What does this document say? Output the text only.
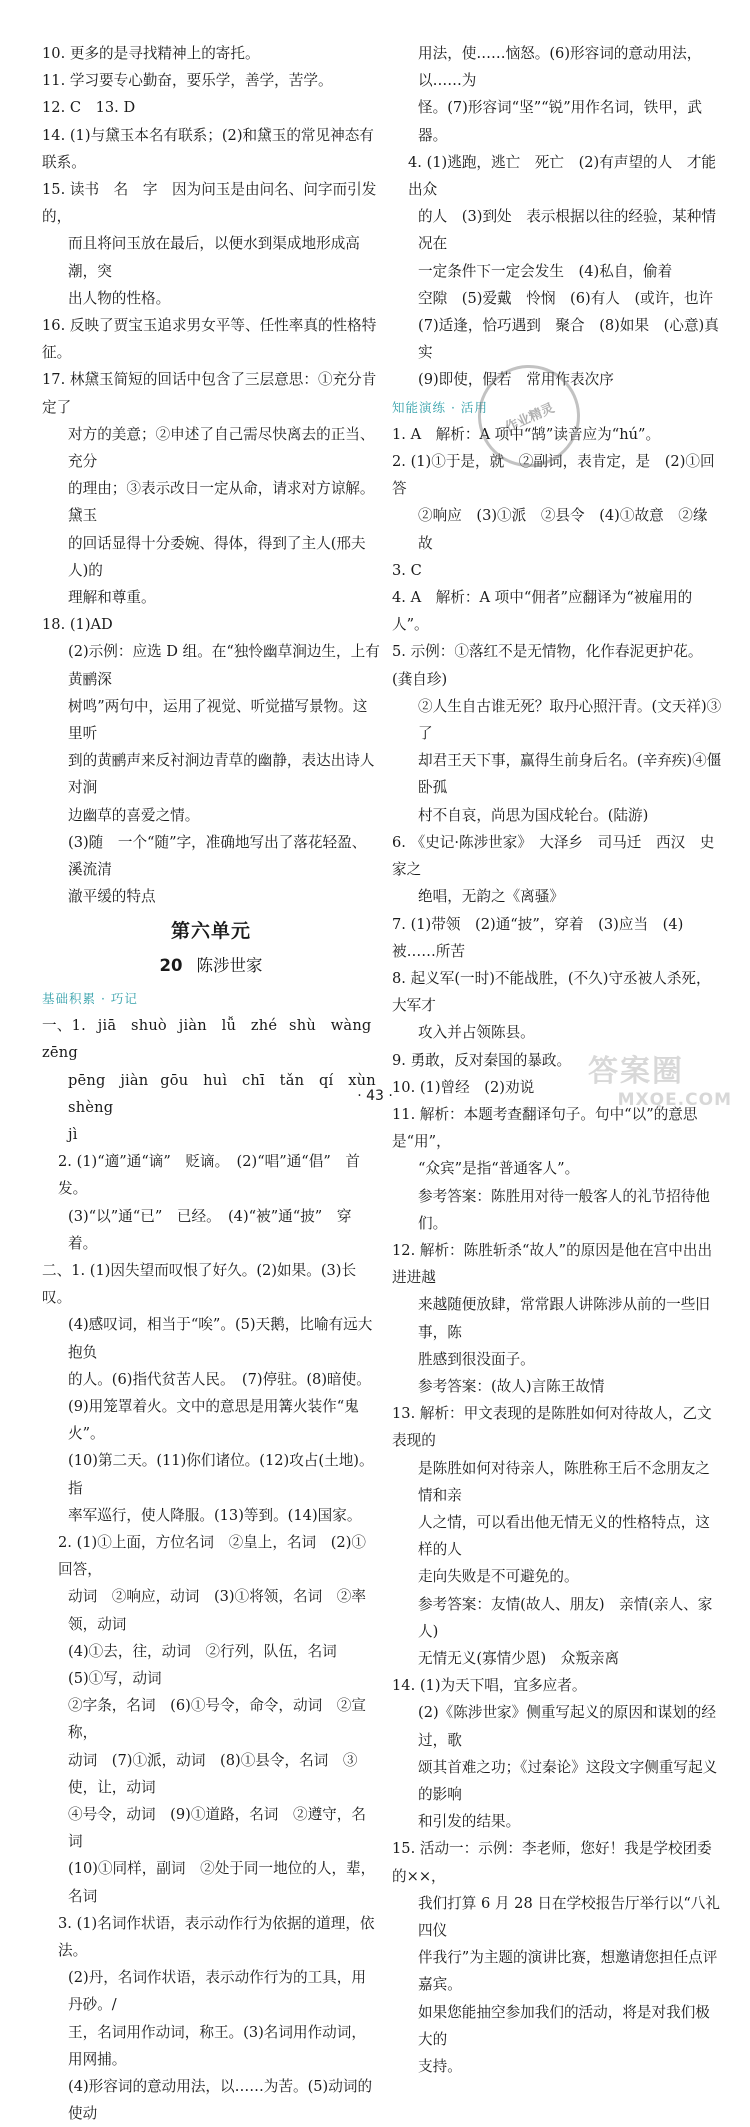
10. 更多的是寻找精神上的寄托。

11. 学习要专心勤奋，要乐学，善学，苦学。

12. C　13. D

14. (1)与黛玉本名有联系；(2)和黛玉的常见神态有联系。

15. 读书　名　字　因为问玉是由问名、问字而引发的，

而且将问玉放在最后，以便水到渠成地形成高潮，突

出人物的性格。

16. 反映了贾宝玉追求男女平等、任性率真的性格特征。

17. 林黛玉简短的回话中包含了三层意思：①充分肯定了

对方的美意；②申述了自己需尽快离去的正当、充分

的理由；③表示改日一定从命，请求对方谅解。黛玉

的回话显得十分委婉、得体，得到了主人(邢夫人)的

理解和尊重。

18. (1)AD

(2)示例：应选 D 组。在“独怜幽草涧边生，上有黄鹂深

树鸣”两句中，运用了视觉、听觉描写景物。这里听

到的黄鹂声来反衬涧边青草的幽静，表达出诗人对涧

边幽草的喜爱之情。

(3)随　一个“随”字，准确地写出了落花轻盈、溪流清

澈平缓的特点

第六单元

20 陈涉世家

基础积累 · 巧记

一、1. jiā　shuò jiàn　lǚ　zhé shù　wàng　zēng

pēng　jiàn gōu　huì　chī　tǎn　qí　xùn　shèng

jì

2. (1)“適”通“谪”　贬谪。　(2)“唱”通“倡”　首发。

(3)“以”通“已”　已经。　(4)“被”通“披”　穿着。

二、1. (1)因失望而叹恨了好久。(2)如果。(3)长叹。

(4)感叹词，相当于“唉”。(5)天鹅，比喻有远大抱负

的人。(6)指代贫苦人民。　(7)停驻。(8)暗使。

(9)用笼罩着火。文中的意思是用篝火装作“鬼火”。

(10)第二天。(11)你们诸位。(12)攻占(土地)。指

率军巡行，使人降服。(13)等到。(14)国家。

2. (1)①上面，方位名词　②皇上，名词　(2)①回答，

动词　②响应，动词　(3)①将领，名词　②率领，动词

(4)①去，往，动词　②行列，队伍，名词　(5)①写，动词

②字条，名词　(6)①号令，命令，动词　②宣称，

动词　(7)①派，动词　(8)①县令，名词　③使，让，动词

④号令，动词　(9)①道路，名词　②遵守，名词

(10)①同样，副词　②处于同一地位的人，辈，名词

3. (1)名词作状语，表示动作行为依据的道理，依法。

(2)丹，名词作状语，表示动作行为的工具，用丹砂。/

王，名词用作动词，称王。(3)名词用作动词，用网捕。

(4)形容词的意动用法，以……为苦。(5)动词的使动

用法，使……恼怒。(6)形容词的意动用法，以……为

怪。(7)形容词“坚”“锐”用作名词，铁甲，武器。

4. (1)逃跑，逃亡　死亡　(2)有声望的人　才能出众

的人　(3)到处　表示根据以往的经验，某种情况在

一定条件下一定会发生　(4)私自，偷着

空隙　(5)爱戴　怜悯　(6)有人　(或许，也许

(7)适逢，恰巧遇到　聚合　(8)如果　(心意)真实

(9)即使，假若　常用作表次序

知能演练 · 活用

1. A　解析：A 项中“鹄”读音应为“hú”。

2. (1)①于是，就　②副词，表肯定，是　(2)①回答

②响应　(3)①派　②县令　(4)①故意　②缘故

3. C

4. A　解析：A 项中“佣者”应翻译为“被雇用的人”。

5. 示例：①落红不是无情物，化作春泥更护花。(龚自珍)

②人生自古谁无死？取丹心照汗青。(文天祥)③了

却君王天下事，赢得生前身后名。(辛弃疾)④僵卧孤

村不自哀，尚思为国戍轮台。(陆游)

6. 《史记·陈涉世家》　大泽乡　司马迁　西汉　史家之

绝唱，无韵之《离骚》

7. (1)带领　(2)通“披”，穿着　(3)应当　(4)被……所苦

8. 起义军(一时)不能战胜，(不久)守丞被人杀死，大军才

攻入并占领陈县。

9. 勇敢，反对秦国的暴政。

10. (1)曾经　(2)劝说

11. 解析：本题考查翻译句子。句中“以”的意思是“用”，

“众宾”是指“普通客人”。

参考答案：陈胜用对待一般客人的礼节招待他们。

12. 解析：陈胜斩杀“故人”的原因是他在宫中出出进进越

来越随便放肆，常常跟人讲陈涉从前的一些旧事，陈

胜感到很没面子。

参考答案：(故人)言陈王故情

13. 解析：甲文表现的是陈胜如何对待故人，乙文表现的

是陈胜如何对待亲人，陈胜称王后不念朋友之情和亲

人之情，可以看出他无情无义的性格特点，这样的人

走向失败是不可避免的。

参考答案：友情(故人、朋友)　亲情(亲人、家人)

无情无义(寡情少恩)　众叛亲离

14. (1)为天下唱，宜多应者。

(2)《陈涉世家》侧重写起义的原因和谋划的经过，歌

颂其首难之功；《过秦论》这段文字侧重写起义的影响

和引发的结果。

15. 活动一：示例：李老师，您好！我是学校团委的××，

我们打算 6 月 28 日在学校报告厅举行以“八礼四仪

伴我行”为主题的演讲比赛，想邀请您担任点评嘉宾。

如果您能抽空参加我们的活动，将是对我们极大的

支持。

作业精灵
· 43 ·
答案圈
MXQE.COM
